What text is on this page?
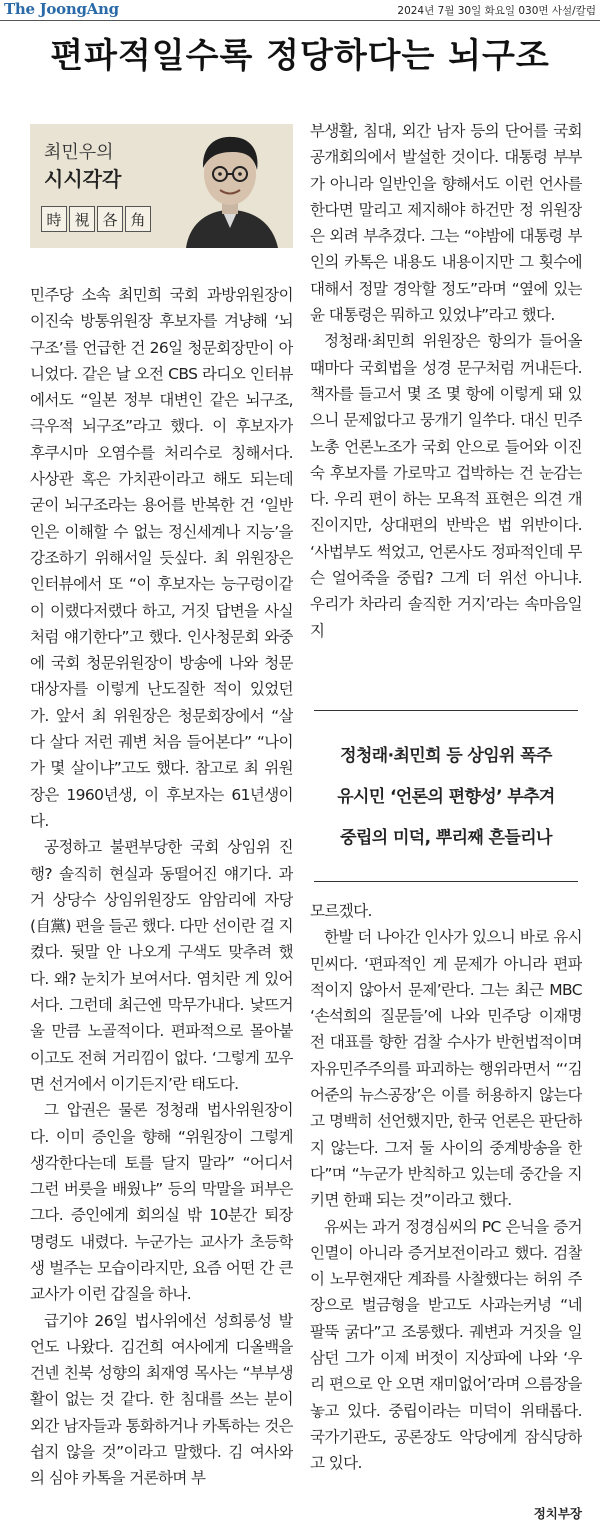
The JoongAng	2024년 7월 30일 화요일 030면 사설/칼럼
편파적일수록 정당하다는 뇌구조
최민우의
시시각각
時 視 各 角

민주당 소속 최민희 국회 과방위원장이 이진숙 방통위원장 후보자를 겨냥해 ‘뇌구조’를 언급한 건 26일 청문회장만이 아니었다. 같은 날 오전 CBS 라디오 인터뷰에서도 “일본 정부 대변인 같은 뇌구조, 극우적 뇌구조”라고 했다. 이 후보자가 후쿠시마 오염수를 처리수로 칭해서다. 사상관 혹은 가치관이라고 해도 되는데 굳이 뇌구조라는 용어를 반복한 건 ‘일반인은 이해할 수 없는 정신세계나 지능’을 강조하기 위해서일 듯싶다. 최 위원장은 인터뷰에서 또 “이 후보자는 능구렁이같이 이랬다저랬다 하고, 거짓 답변을 사실처럼 얘기한다”고 했다. 인사청문회 와중에 국회 청문위원장이 방송에 나와 청문 대상자를 이렇게 난도질한 적이 있었던가. 앞서 최 위원장은 청문회장에서 “살다 살다 저런 궤변 처음 들어본다” “나이가 몇 살이냐”고도 했다. 참고로 최 위원장은 1960년생, 이 후보자는 61년생이다.

공정하고 불편부당한 국회 상임위 진행? 솔직히 현실과 동떨어진 얘기다. 과거 상당수 상임위원장도 암암리에 자당(自黨) 편을 들곤 했다. 다만 선이란 걸 지켰다. 뒷말 안 나오게 구색도 맞추려 했다. 왜? 눈치가 보여서다. 염치란 게 있어서다. 그런데 최근엔 막무가내다. 낯뜨거울 만큼 노골적이다. 편파적으로 몰아붙이고도 전혀 거리낌이 없다. ‘그렇게 꼬우면 선거에서 이기든지’란 태도다.

그 압권은 물론 정청래 법사위원장이다. 이미 증인을 향해 “위원장이 그렇게 생각한다는데 토를 달지 말라” “어디서 그런 버릇을 배웠냐” 등의 막말을 퍼부은 그다. 증인에게 회의실 밖 10분간 퇴장 명령도 내렸다. 누군가는 교사가 초등학생 벌주는 모습이라지만, 요즘 어떤 간 큰 교사가 이런 갑질을 하나.

급기야 26일 법사위에선 성희롱성 발언도 나왔다. 김건희 여사에게 디올백을 건넨 친북 성향의 최재영 목사는 “부부생활이 없는 것 같다. 한 침대를 쓰는 분이 외간 남자들과 통화하거나 카톡하는 것은 쉽지 않을 것”이라고 말했다. 김 여사와의 심야 카톡을 거론하며 부

부생활, 침대, 외간 남자 등의 단어를 국회 공개회의에서 발설한 것이다. 대통령 부부가 아니라 일반인을 향해서도 이런 언사를 한다면 말리고 제지해야 하건만 정 위원장은 외려 부추겼다. 그는 “야밤에 대통령 부인의 카톡은 내용도 내용이지만 그 횟수에 대해서 정말 경악할 정도”라며 “옆에 있는 윤 대통령은 뭐하고 있었냐”라고 했다.

정청래·최민희 위원장은 항의가 들어올 때마다 국회법을 성경 문구처럼 꺼내든다. 책자를 들고서 몇 조 몇 항에 이렇게 돼 있으니 문제없다고 뭉개기 일쑤다. 대신 민주노총 언론노조가 국회 안으로 들어와 이진숙 후보자를 가로막고 겁박하는 건 눈감는다. 우리 편이 하는 모욕적 표현은 의견 개진이지만, 상대편의 반박은 법 위반이다. ‘사법부도 썩었고, 언론사도 정파적인데 무슨 얼어죽을 중립? 그게 더 위선 아니냐. 우리가 차라리 솔직한 거지’라는 속마음일지

정청래·최민희 등 상임위 폭주
유시민 ‘언론의 편향성’ 부추겨
중립의 미덕, 뿌리째 흔들리나

모르겠다.

한발 더 나아간 인사가 있으니 바로 유시민씨다. ‘편파적인 게 문제가 아니라 편파적이지 않아서 문제’란다. 그는 최근 MBC ‘손석희의 질문들’에 나와 민주당 이재명 전 대표를 향한 검찰 수사가 반헌법적이며 자유민주주의를 파괴하는 행위라면서 “‘김어준의 뉴스공장’은 이를 허용하지 않는다고 명백히 선언했지만, 한국 언론은 판단하지 않는다. 그저 둘 사이의 중계방송을 한다”며 “누군가 반칙하고 있는데 중간을 지키면 한패 되는 것”이라고 했다.

유씨는 과거 정경심씨의 PC 은닉을 증거인멸이 아니라 증거보전이라고 했다. 검찰이 노무현재단 계좌를 사찰했다는 허위 주장으로 벌금형을 받고도 사과는커녕 “네 팔뚝 굵다”고 조롱했다. 궤변과 거짓을 일삼던 그가 이제 버젓이 지상파에 나와 ‘우리 편으로 안 오면 재미없어’라며 으름장을 놓고 있다. 중립이라는 미덕이 위태롭다. 국가기관도, 공론장도 악당에게 잠식당하고 있다.

정치부장
